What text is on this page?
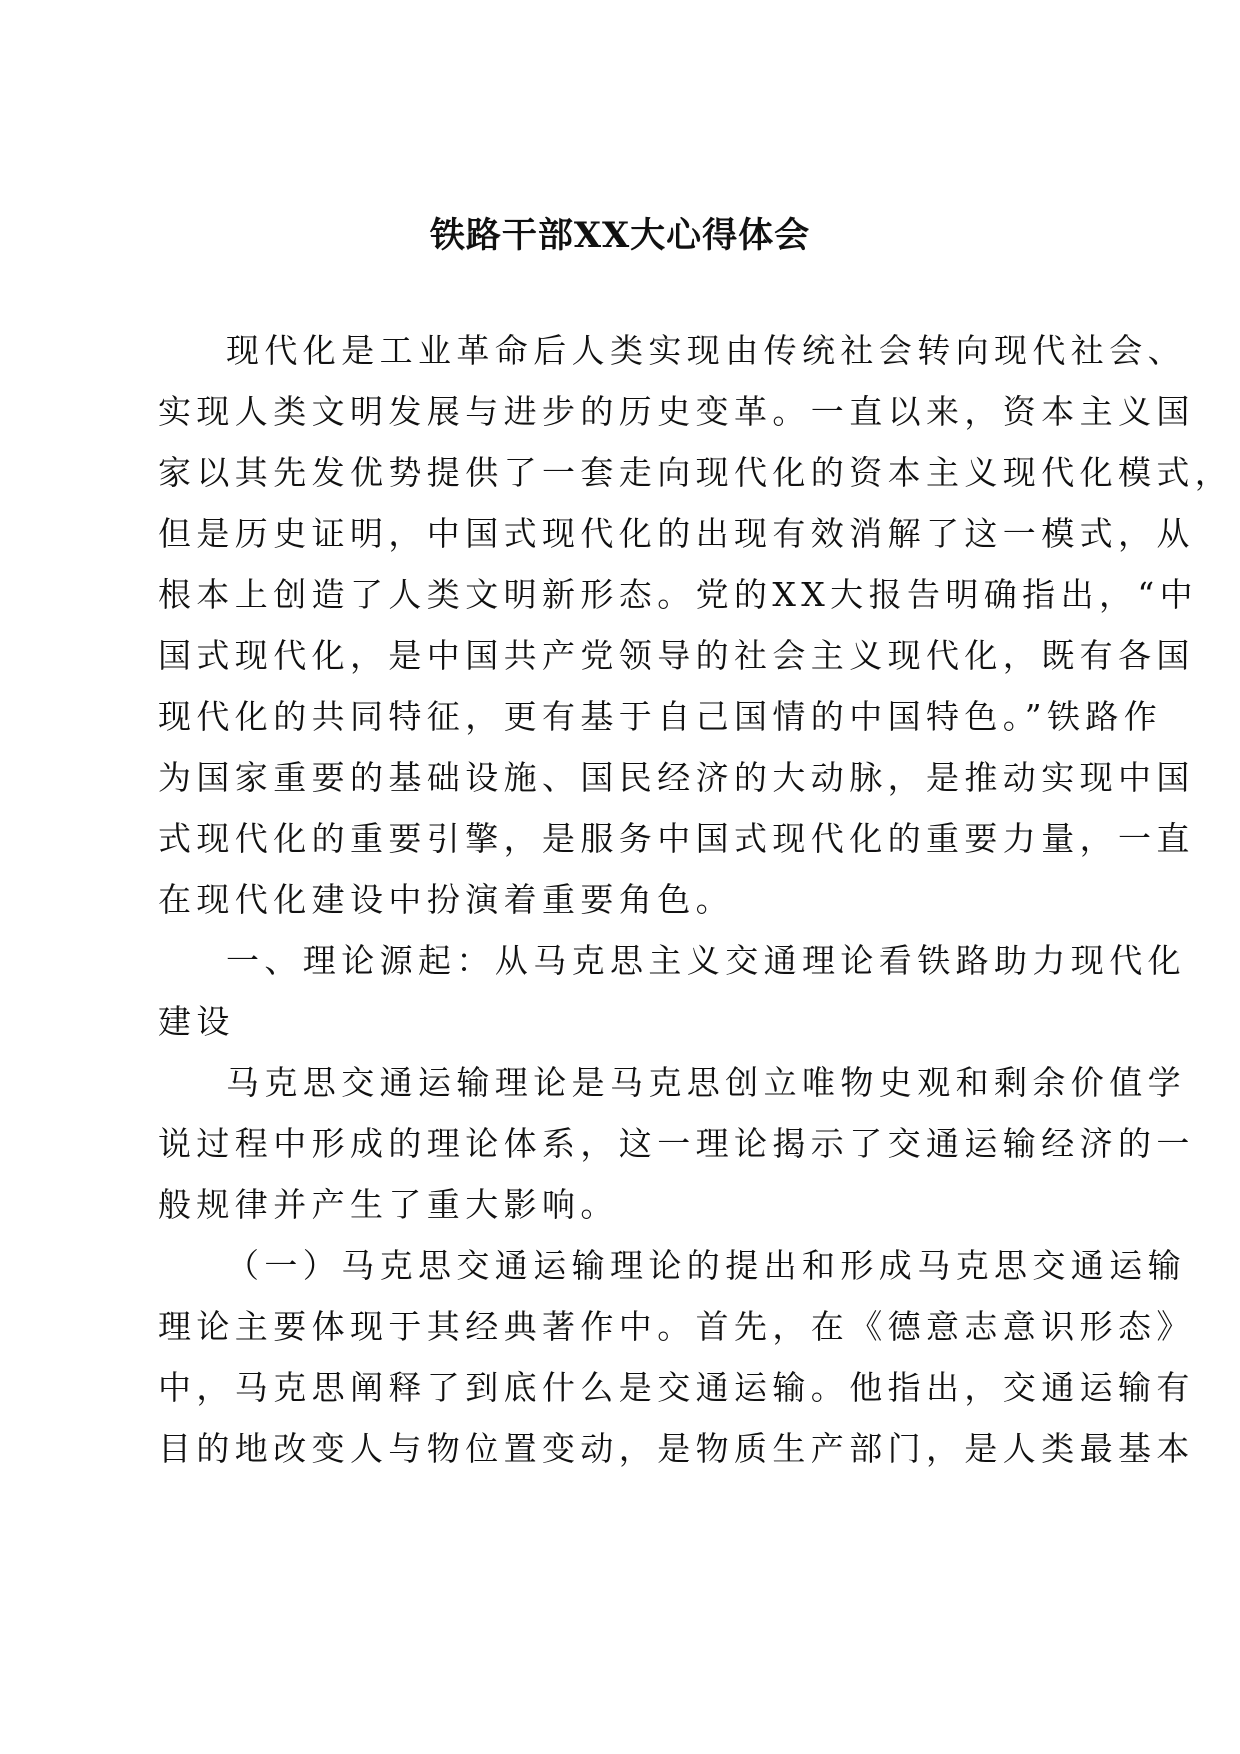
铁路干部XX大心得体会
现代化是工业革命后人类实现由传统社会转向现代社会、
实现人类文明发展与进步的历史变革。一直以来，资本主义国
家以其先发优势提供了一套走向现代化的资本主义现代化模式，
但是历史证明，中国式现代化的出现有效消解了这一模式，从
根本上创造了人类文明新形态。党的XX大报告明确指出，“中
国式现代化，是中国共产党领导的社会主义现代化，既有各国
现代化的共同特征，更有基于自己国情的中国特色。”铁路作
为国家重要的基础设施、国民经济的大动脉，是推动实现中国
式现代化的重要引擎，是服务中国式现代化的重要力量，一直
在现代化建设中扮演着重要角色。
一、理论源起：从马克思主义交通理论看铁路助力现代化
建设
马克思交通运输理论是马克思创立唯物史观和剩余价值学
说过程中形成的理论体系，这一理论揭示了交通运输经济的一
般规律并产生了重大影响。
（一）马克思交通运输理论的提出和形成马克思交通运输
理论主要体现于其经典著作中。首先，在《德意志意识形态》
中，马克思阐释了到底什么是交通运输。他指出，交通运输有
目的地改变人与物位置变动，是物质生产部门，是人类最基本
